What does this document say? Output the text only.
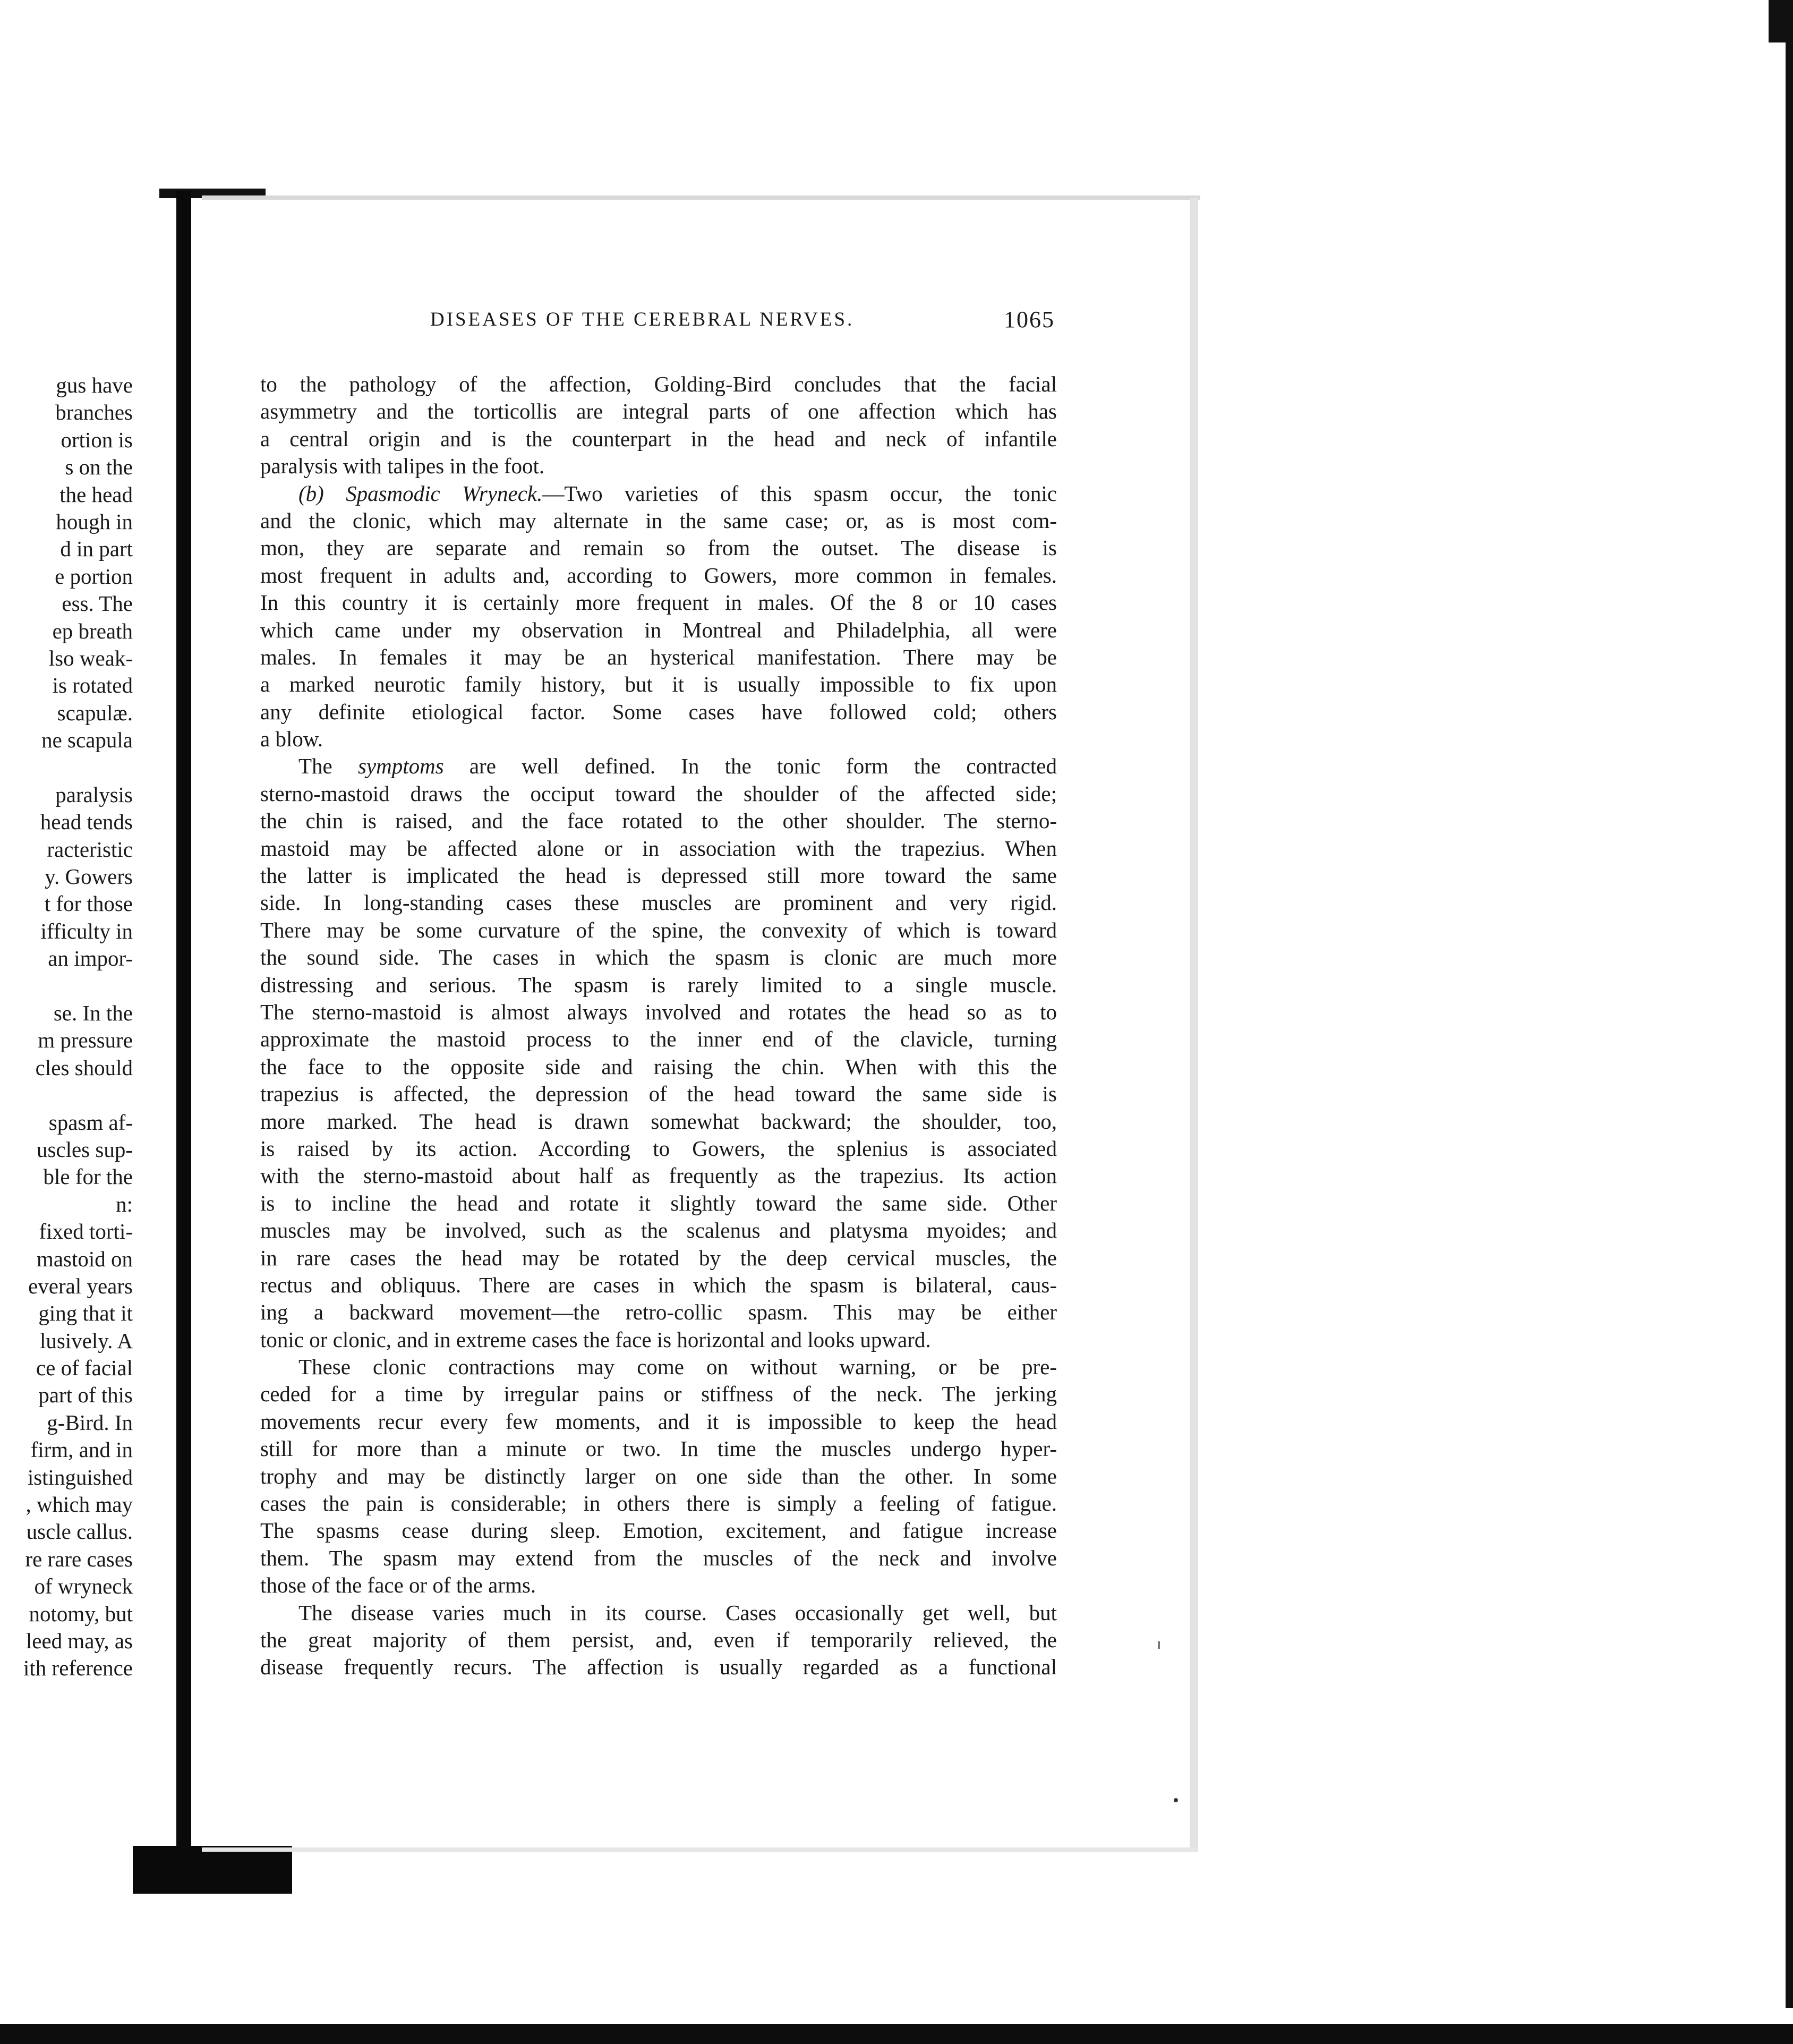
gus have
branches
ortion is
s on the
the head
hough in
d in part
e portion
ess. The
ep breath
lso weak-
is rotated
scapulæ.
ne scapula
paralysis
head tends
racteristic
y. Gowers
t for those
ifficulty in
an impor-
se. In the
m pressure
cles should
spasm af-
uscles sup-
ble for the
n:
fixed torti-
mastoid on
everal years
ging that it
lusively. A
ce of facial
part of this
g-Bird. In
firm, and in
istinguished
, which may
uscle callus.
re rare cases
of wryneck
notomy, but
leed may, as
ith reference
DISEASES OF THE CEREBRAL NERVES.	1065
to the pathology of the affection, Golding-Bird concludes that the facial
asymmetry and the torticollis are integral parts of one affection which has
a central origin and is the counterpart in the head and neck of infantile
paralysis with talipes in the foot.
(b) Spasmodic Wryneck.—Two varieties of this spasm occur, the tonic
and the clonic, which may alternate in the same case; or, as is most com-
mon, they are separate and remain so from the outset. The disease is
most frequent in adults and, according to Gowers, more common in females.
In this country it is certainly more frequent in males. Of the 8 or 10 cases
which came under my observation in Montreal and Philadelphia, all were
males. In females it may be an hysterical manifestation. There may be
a marked neurotic family history, but it is usually impossible to fix upon
any definite etiological factor. Some cases have followed cold; others
a blow.
The symptoms are well defined. In the tonic form the contracted
sterno-mastoid draws the occiput toward the shoulder of the affected side;
the chin is raised, and the face rotated to the other shoulder. The sterno-
mastoid may be affected alone or in association with the trapezius. When
the latter is implicated the head is depressed still more toward the same
side. In long-standing cases these muscles are prominent and very rigid.
There may be some curvature of the spine, the convexity of which is toward
the sound side. The cases in which the spasm is clonic are much more
distressing and serious. The spasm is rarely limited to a single muscle.
The sterno-mastoid is almost always involved and rotates the head so as to
approximate the mastoid process to the inner end of the clavicle, turning
the face to the opposite side and raising the chin. When with this the
trapezius is affected, the depression of the head toward the same side is
more marked. The head is drawn somewhat backward; the shoulder, too,
is raised by its action. According to Gowers, the splenius is associated
with the sterno-mastoid about half as frequently as the trapezius. Its action
is to incline the head and rotate it slightly toward the same side. Other
muscles may be involved, such as the scalenus and platysma myoides; and
in rare cases the head may be rotated by the deep cervical muscles, the
rectus and obliquus. There are cases in which the spasm is bilateral, caus-
ing a backward movement—the retro-collic spasm. This may be either
tonic or clonic, and in extreme cases the face is horizontal and looks upward.
These clonic contractions may come on without warning, or be pre-
ceded for a time by irregular pains or stiffness of the neck. The jerking
movements recur every few moments, and it is impossible to keep the head
still for more than a minute or two. In time the muscles undergo hyper-
trophy and may be distinctly larger on one side than the other. In some
cases the pain is considerable; in others there is simply a feeling of fatigue.
The spasms cease during sleep. Emotion, excitement, and fatigue increase
them. The spasm may extend from the muscles of the neck and involve
those of the face or of the arms.
The disease varies much in its course. Cases occasionally get well, but
the great majority of them persist, and, even if temporarily relieved, the
disease frequently recurs. The affection is usually regarded as a functional
